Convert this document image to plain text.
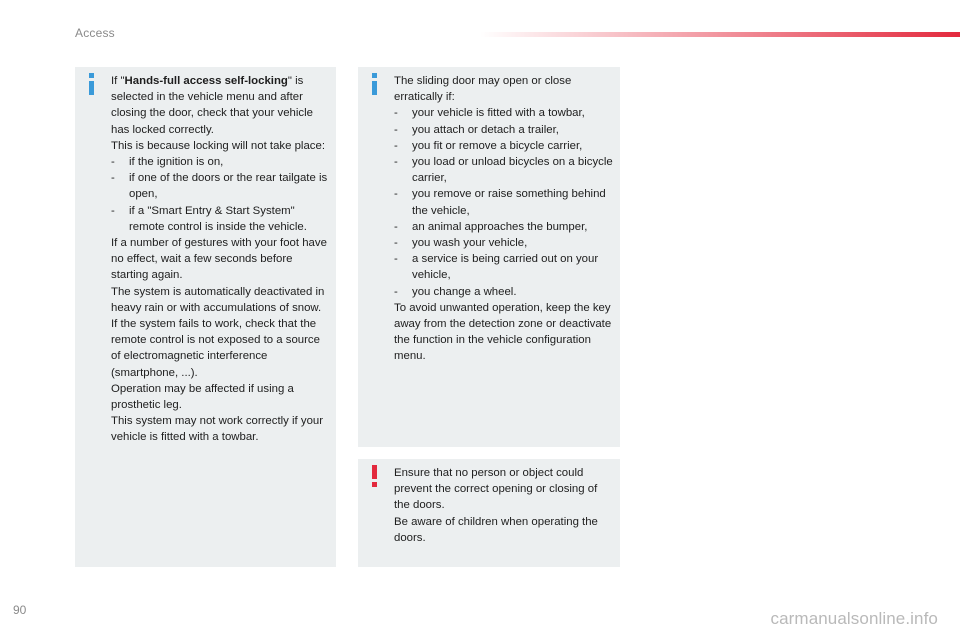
Access

If "Hands-full access self-locking" is selected in the vehicle menu and after closing the door, check that your vehicle has locked correctly.

This is because locking will not take place:

-	if the ignition is on,
-	if one of the doors or the rear tailgate is open,
-	if a "Smart Entry & Start System" remote control is inside the vehicle.

If a number of gestures with your foot have no effect, wait a few seconds before starting again.

The system is automatically deactivated in heavy rain or with accumulations of snow.

If the system fails to work, check that the remote control is not exposed to a source of electromagnetic interference (smartphone, ...).

Operation may be affected if using a prosthetic leg.

This system may not work correctly if your vehicle is fitted with a towbar.

The sliding door may open or close erratically if:

-	your vehicle is fitted with a towbar,
-	you attach or detach a trailer,
-	you fit or remove a bicycle carrier,
-	you load or unload bicycles on a bicycle carrier,
-	you remove or raise something behind the vehicle,
-	an animal approaches the bumper,
-	you wash your vehicle,
-	a service is being carried out on your vehicle,
-	you change a wheel.

To avoid unwanted operation, keep the key away from the detection zone or deactivate the function in the vehicle configuration menu.

Ensure that no person or object could prevent the correct opening or closing of the doors.

Be aware of children when operating the doors.

90	carmanualsonline.info
